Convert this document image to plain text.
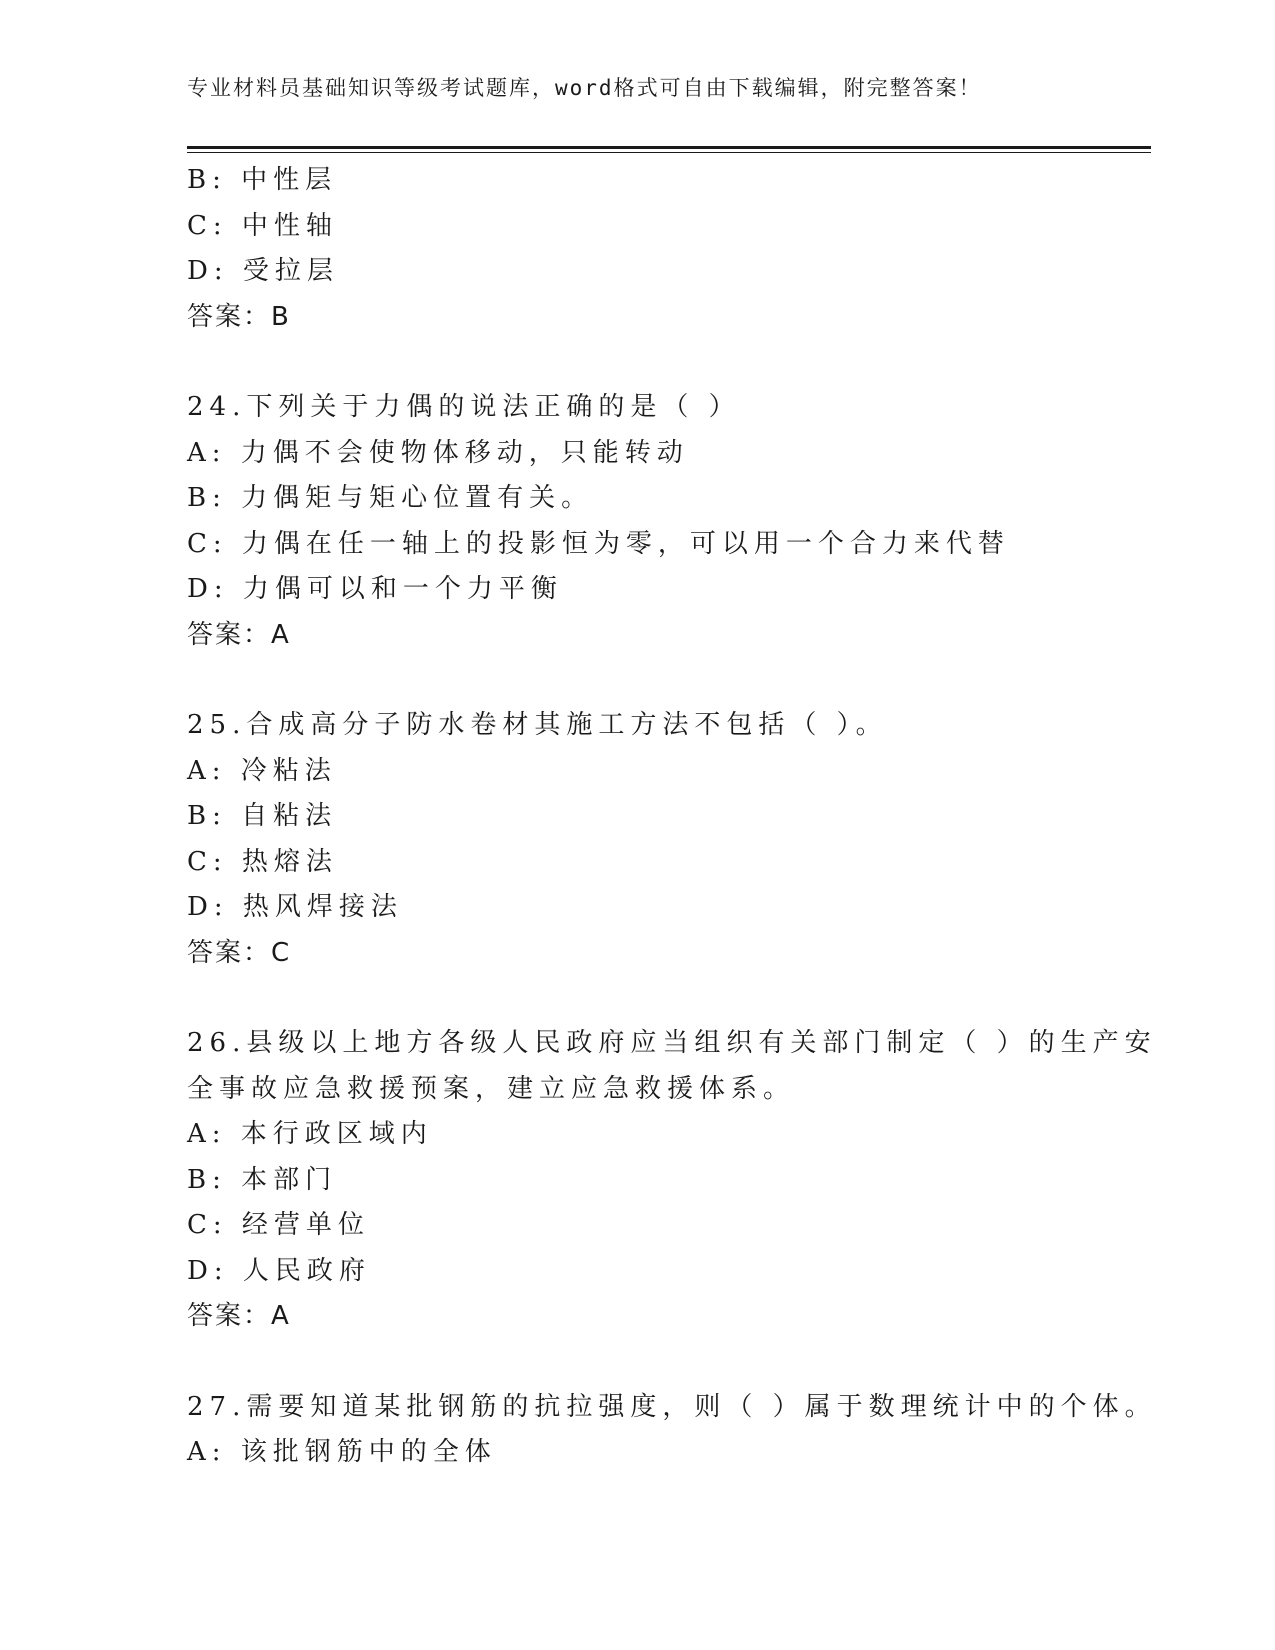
专业材料员基础知识等级考试题库，word格式可自由下载编辑，附完整答案！
B: 中性层
C: 中性轴
D: 受拉层
答案：B
24.下列关于力偶的说法正确的是（ ）
A: 力偶不会使物体移动，只能转动
B: 力偶矩与矩心位置有关。
C: 力偶在任一轴上的投影恒为零，可以用一个合力来代替
D: 力偶可以和一个力平衡
答案：A
25.合成高分子防水卷材其施工方法不包括（ ）。
A: 冷粘法
B: 自粘法
C: 热熔法
D: 热风焊接法
答案：C
26.县级以上地方各级人民政府应当组织有关部门制定（ ）的生产安
全事故应急救援预案，建立应急救援体系。
A: 本行政区域内
B: 本部门
C: 经营单位
D: 人民政府
答案：A
27.需要知道某批钢筋的抗拉强度，则（ ）属于数理统计中的个体。
A: 该批钢筋中的全体
